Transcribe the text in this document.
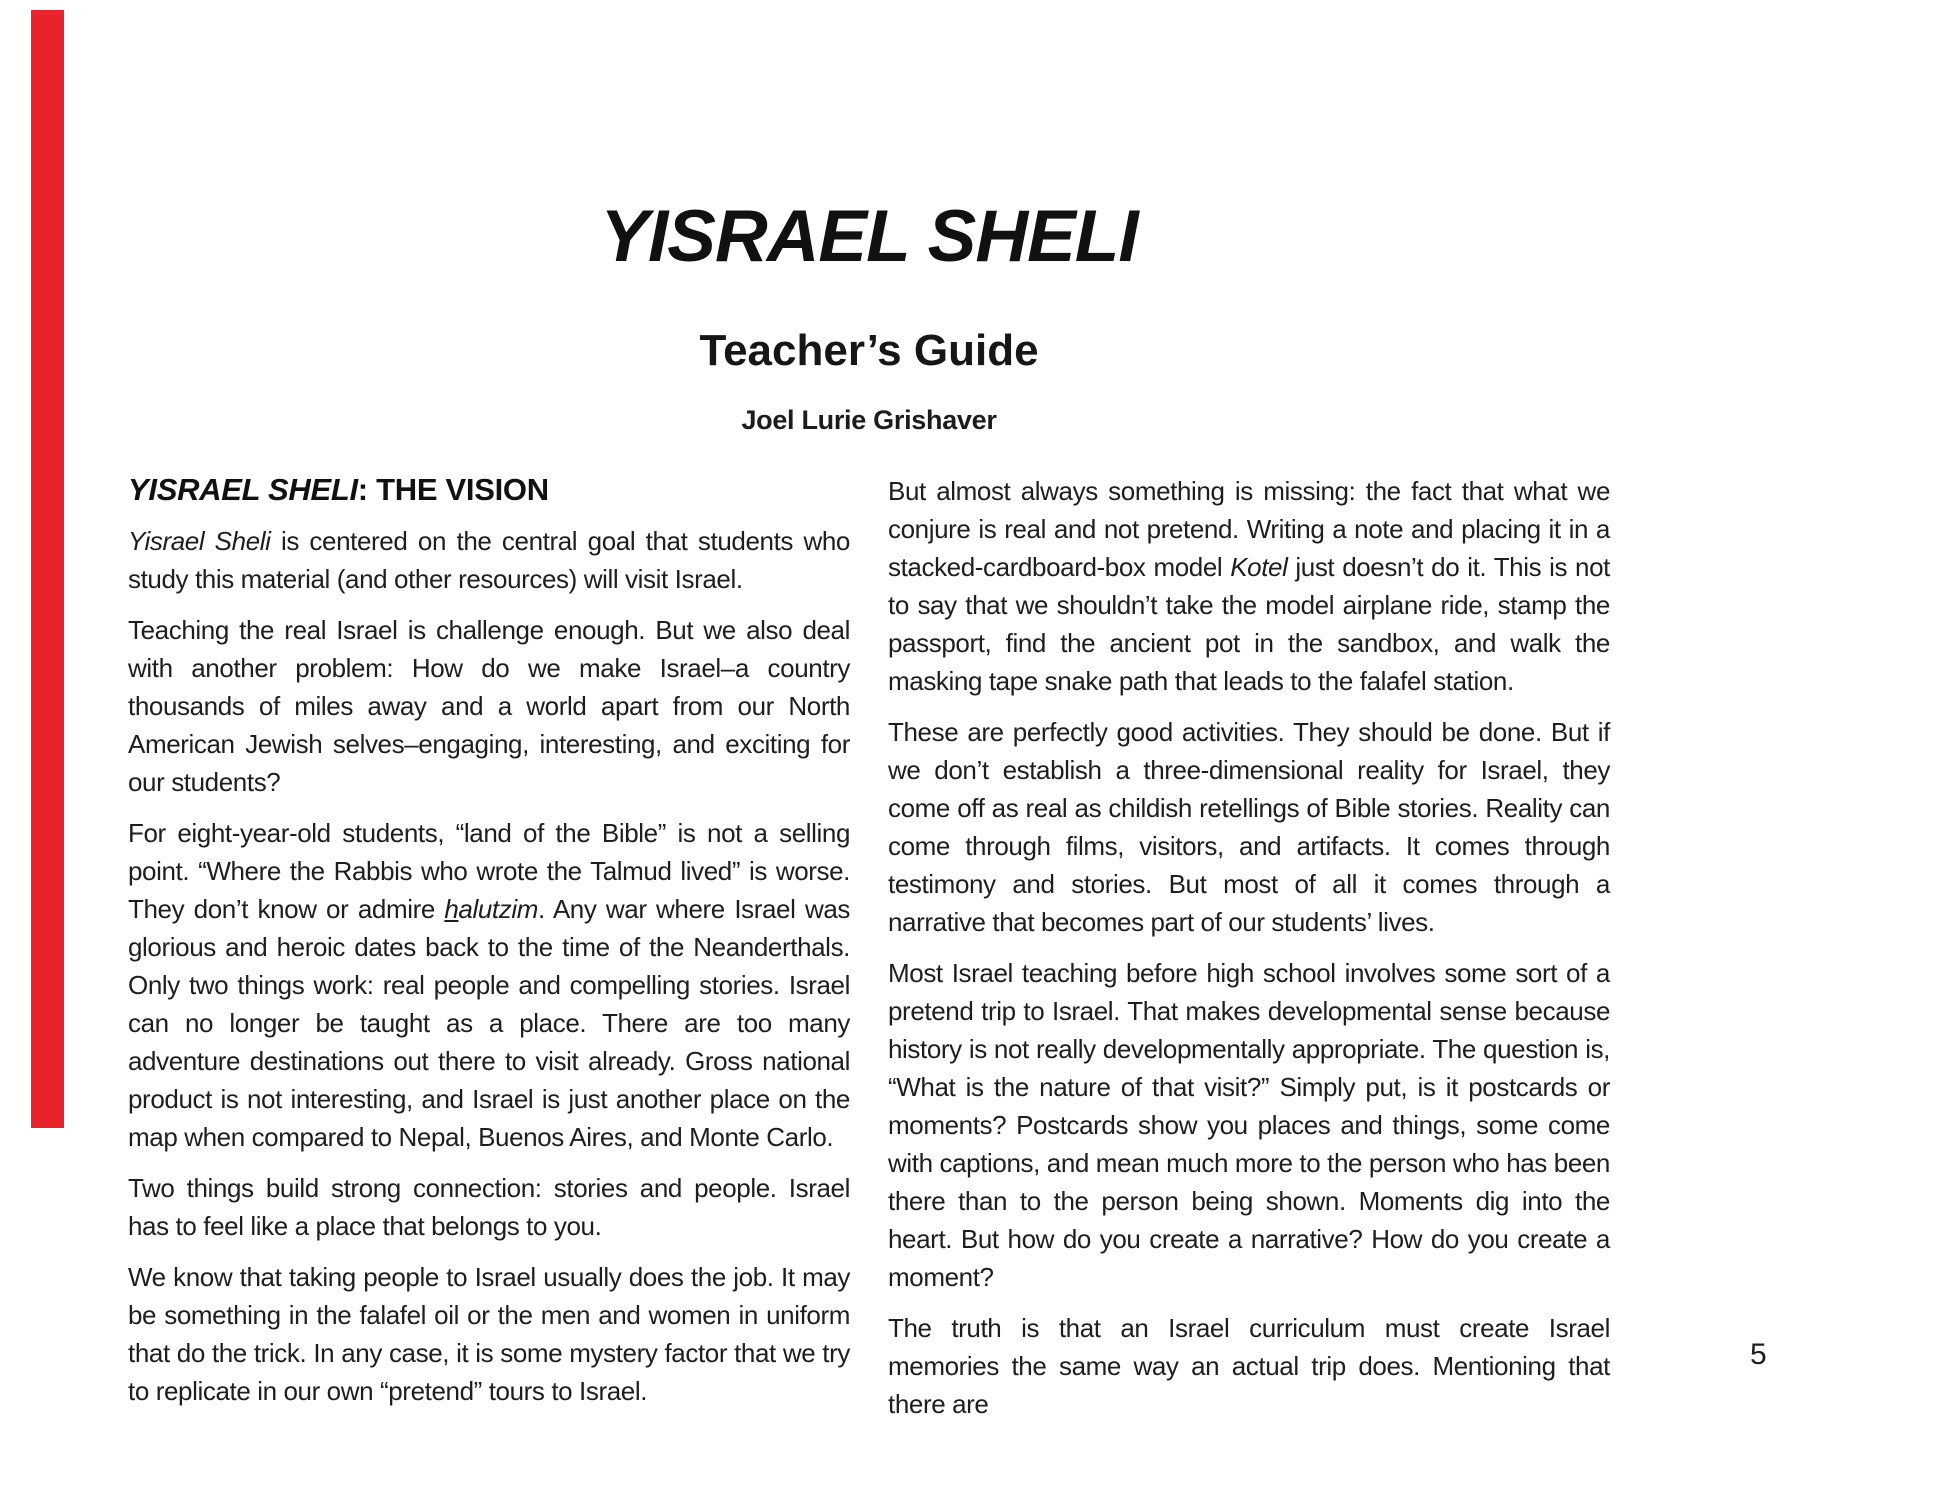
YISRAEL SHELI
Teacher’s Guide
Joel Lurie Grishaver
YISRAEL SHELI: THE VISION

Yisrael Sheli is centered on the central goal that students who study this material (and other resources) will visit Israel.

Teaching the real Israel is challenge enough. But we also deal with another problem: How do we make Israel–a country thousands of miles away and a world apart from our North American Jewish selves–engaging, interesting, and exciting for our students?

For eight-year-old students, “land of the Bible” is not a selling point. “Where the Rabbis who wrote the Talmud lived” is worse. They don’t know or admire halutzim. Any war where Israel was glorious and heroic dates back to the time of the Neanderthals. Only two things work: real people and compelling stories. Israel can no longer be taught as a place. There are too many adventure destinations out there to visit already. Gross national product is not interesting, and Israel is just another place on the map when compared to Nepal, Buenos Aires, and Monte Carlo.

Two things build strong connection: stories and people. Israel has to feel like a place that belongs to you.

We know that taking people to Israel usually does the job. It may be something in the falafel oil or the men and women in uniform that do the trick. In any case, it is some mystery factor that we try to replicate in our own “pretend” tours to Israel.

But almost always something is missing: the fact that what we conjure is real and not pretend. Writing a note and placing it in a stacked-cardboard-box model Kotel just doesn’t do it. This is not to say that we shouldn’t take the model airplane ride, stamp the passport, find the ancient pot in the sandbox, and walk the masking tape snake path that leads to the falafel station.

These are perfectly good activities. They should be done. But if we don’t establish a three-dimensional reality for Israel, they come off as real as childish retellings of Bible stories. Reality can come through films, visitors, and artifacts. It comes through testimony and stories. But most of all it comes through a narrative that becomes part of our students’ lives.

Most Israel teaching before high school involves some sort of a pretend trip to Israel. That makes developmental sense because history is not really developmentally appropriate. The question is, “What is the nature of that visit?” Simply put, is it postcards or moments? Postcards show you places and things, some come with captions, and mean much more to the person who has been there than to the person being shown. Moments dig into the heart. But how do you create a narrative? How do you create a moment?

The truth is that an Israel curriculum must create Israel memories the same way an actual trip does. Mentioning that there are

5
